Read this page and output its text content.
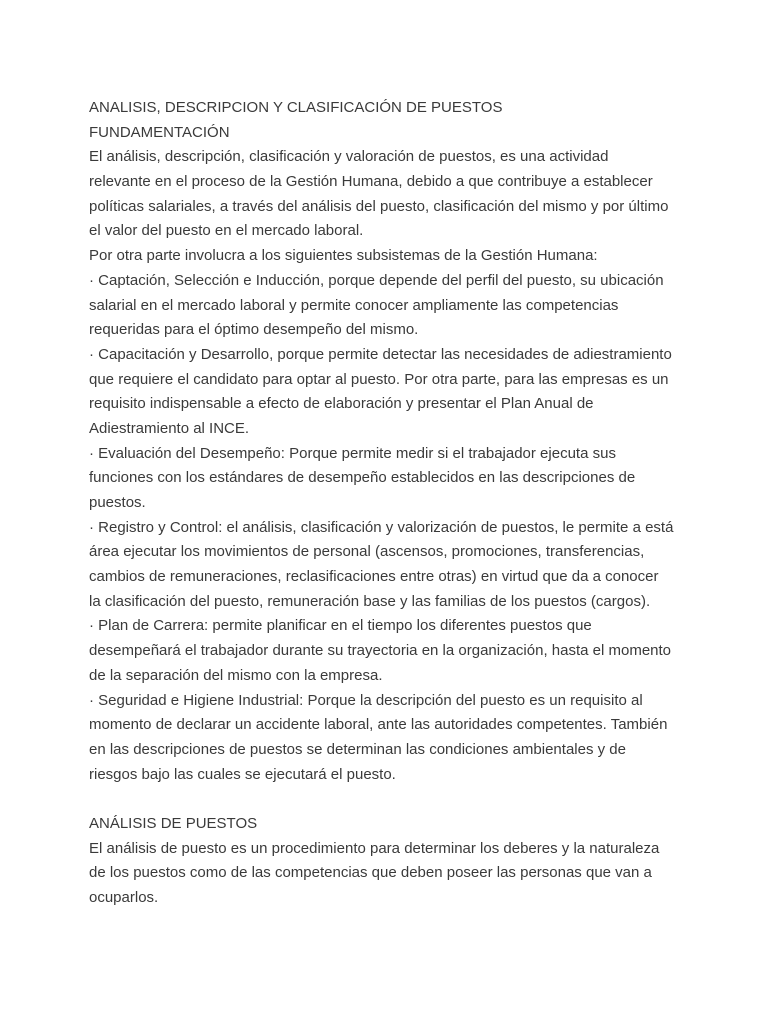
ANALISIS, DESCRIPCION Y CLASIFICACIÓN DE PUESTOS
FUNDAMENTACIÓN
El análisis, descripción, clasificación y valoración de puestos, es una actividad
relevante en el proceso de la Gestión Humana, debido a que contribuye a establecer
políticas salariales, a través del análisis del puesto, clasificación del mismo y por último
el valor del puesto en el mercado laboral.
Por otra parte involucra a los siguientes subsistemas de la Gestión Humana:
· Captación, Selección e Inducción, porque depende del perfil del puesto, su ubicación
salarial en el mercado laboral y permite conocer ampliamente las competencias
requeridas para el óptimo desempeño del mismo.
· Capacitación y Desarrollo, porque permite detectar las necesidades de adiestramiento
que requiere el candidato para optar al puesto. Por otra parte, para las empresas es un
requisito indispensable a efecto de elaboración y presentar el Plan Anual de
Adiestramiento al INCE.
· Evaluación del Desempeño: Porque permite medir si el trabajador ejecuta sus
funciones con los estándares de desempeño establecidos en las descripciones de
puestos.
· Registro y Control: el análisis, clasificación y valorización de puestos, le permite a está
área ejecutar los movimientos de personal (ascensos, promociones, transferencias,
cambios de remuneraciones, reclasificaciones entre otras) en virtud que da a conocer
la clasificación del puesto, remuneración base y las familias de los puestos (cargos).
· Plan de Carrera: permite planificar en el tiempo los diferentes puestos que
desempeñará el trabajador durante su trayectoria en la organización, hasta el momento
de la separación del mismo con la empresa.
· Seguridad e Higiene Industrial: Porque la descripción del puesto es un requisito al
momento de declarar un accidente laboral, ante las autoridades competentes. También
en las descripciones de puestos se determinan las condiciones ambientales y de
riesgos bajo las cuales se ejecutará el puesto.
ANÁLISIS DE PUESTOS
El análisis de puesto es un procedimiento para determinar los deberes y la naturaleza
de los puestos como de las competencias que deben poseer las personas que van a
ocuparlos.
